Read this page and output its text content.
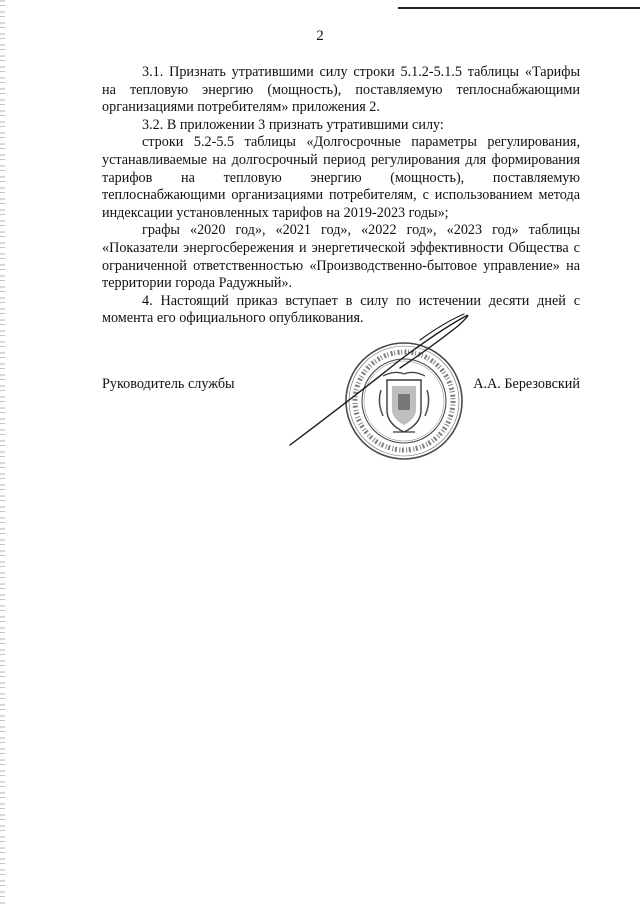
2

3.1. Признать утратившими силу строки 5.1.2-5.1.5 таблицы «Тарифы на тепловую энергию (мощность), поставляемую теплоснабжающими организациями потребителям» приложения 2.

3.2. В приложении 3 признать утратившими силу:

строки 5.2-5.5 таблицы «Долгосрочные параметры регулирования, устанавливаемые на долгосрочный период регулирования для формирования тарифов на тепловую энергию (мощность), поставляемую теплоснабжающими организациями потребителям, с использованием метода индексации установленных тарифов на 2019-2023 годы»;

графы «2020 год», «2021 год», «2022 год», «2023 год» таблицы «Показатели энергосбережения и энергетической эффективности Общества с ограниченной ответственностью «Производственно-бытовое управление» на территории города Радужный».

4. Настоящий приказ вступает в силу по истечении десяти дней с момента его официального опубликования.

Руководитель службы	А.А. Березовский
